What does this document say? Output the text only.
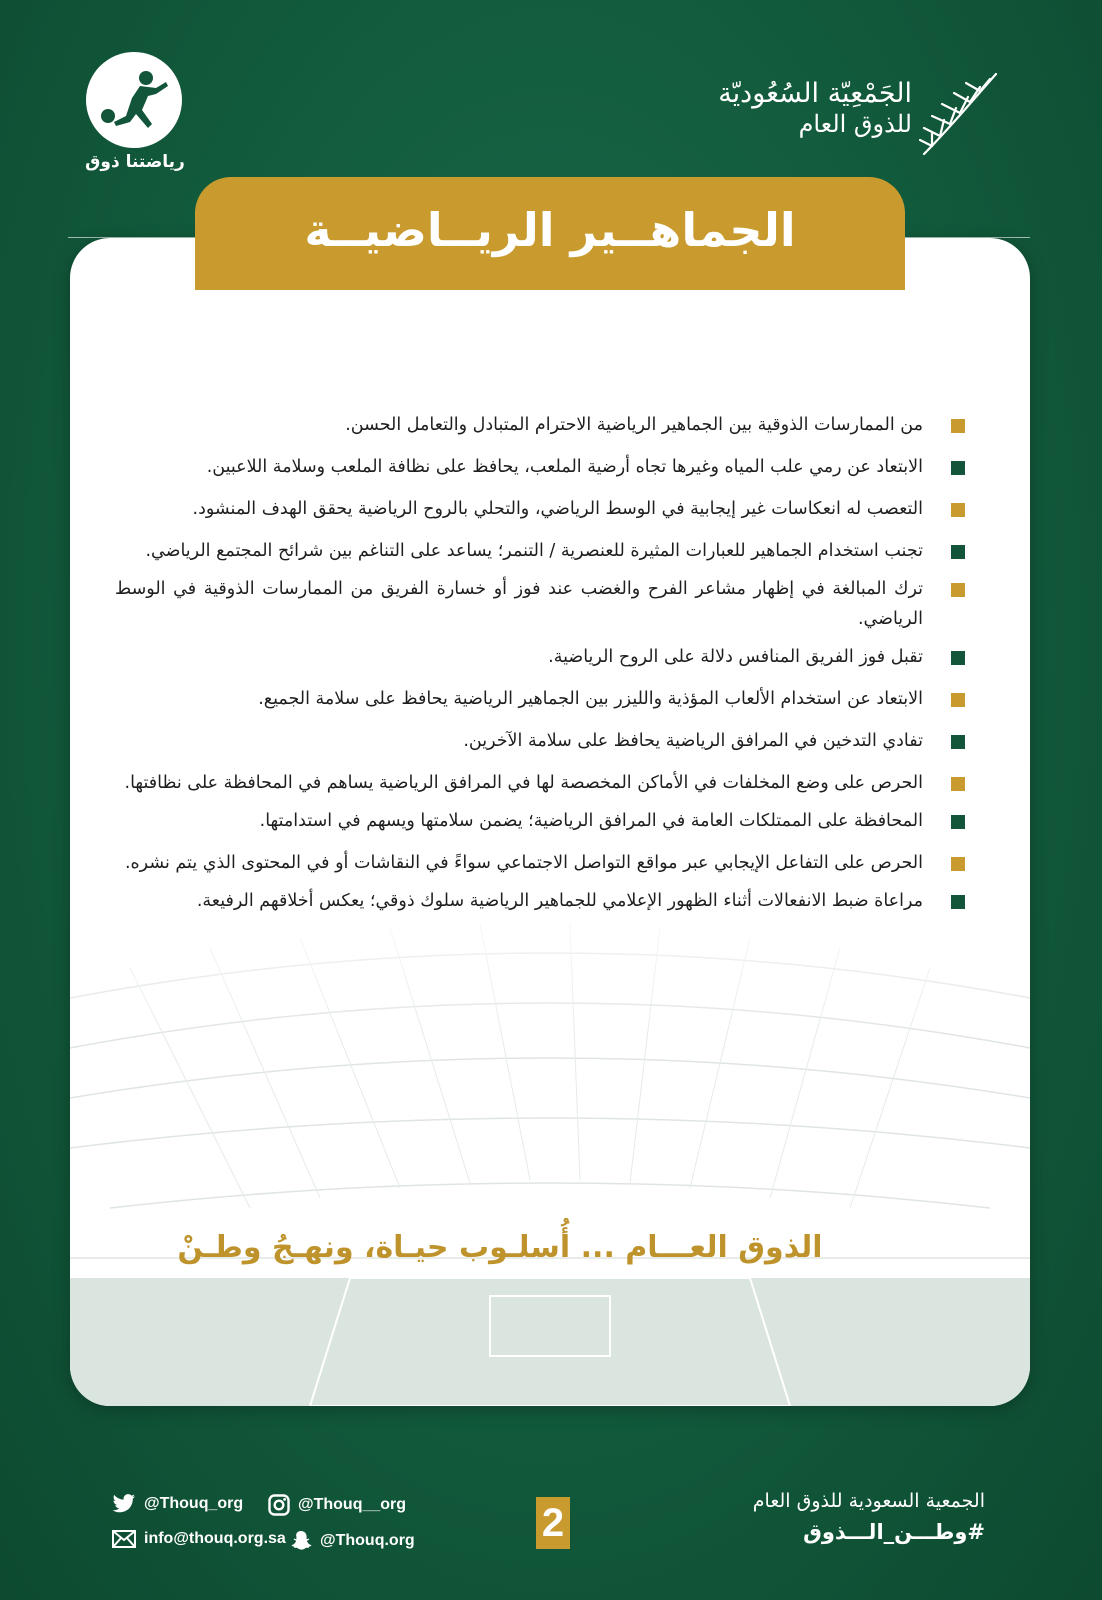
الجَمْعِيّة السُعُوديّة
للذوق العام
رياضتنا ذوق
الجماهــير الريــاضيــة
من الممارسات الذوقية بين الجماهير الرياضية الاحترام المتبادل والتعامل الحسن.
الابتعاد عن رمي علب المياه وغيرها تجاه أرضية الملعب، يحافظ على نظافة الملعب وسلامة اللاعبين.
التعصب له انعكاسات غير إيجابية في الوسط الرياضي، والتحلي بالروح الرياضية يحقق الهدف المنشود.
تجنب استخدام الجماهير للعبارات المثيرة للعنصرية / التنمر؛ يساعد على التناغم بين شرائح المجتمع الرياضي.
ترك المبالغة في إظهار مشاعر الفرح والغضب عند فوز أو خسارة الفريق من الممارسات الذوقية في الوسط الرياضي.
تقبل فوز الفريق المنافس دلالة على الروح الرياضية.
الابتعاد عن استخدام الألعاب المؤذية والليزر بين الجماهير الرياضية يحافظ على سلامة الجميع.
تفادي التدخين في المرافق الرياضية يحافظ على سلامة الآخرين.
الحرص على وضع المخلفات في الأماكن المخصصة لها في المرافق الرياضية يساهم في المحافظة على نظافتها.
المحافظة على الممتلكات العامة في المرافق الرياضية؛ يضمن سلامتها ويسهم في استدامتها.
الحرص على التفاعل الإيجابي عبر مواقع التواصل الاجتماعي سواءً في النقاشات أو في المحتوى الذي يتم نشره.
مراعاة ضبط الانفعالات أثناء الظهور الإعلامي للجماهير الرياضية سلوك ذوقي؛ يعكس أخلاقهم الرفيعة.
الذوق العـــام ... أُسلـوب حيـاة، ونهـجُ وطـنْ
الجمعية السعودية للذوق العام
#وطـــن_الـــذوق
2
@Thouq_org	@Thouq__org
info@thouq.org.sa @Thouq.org
